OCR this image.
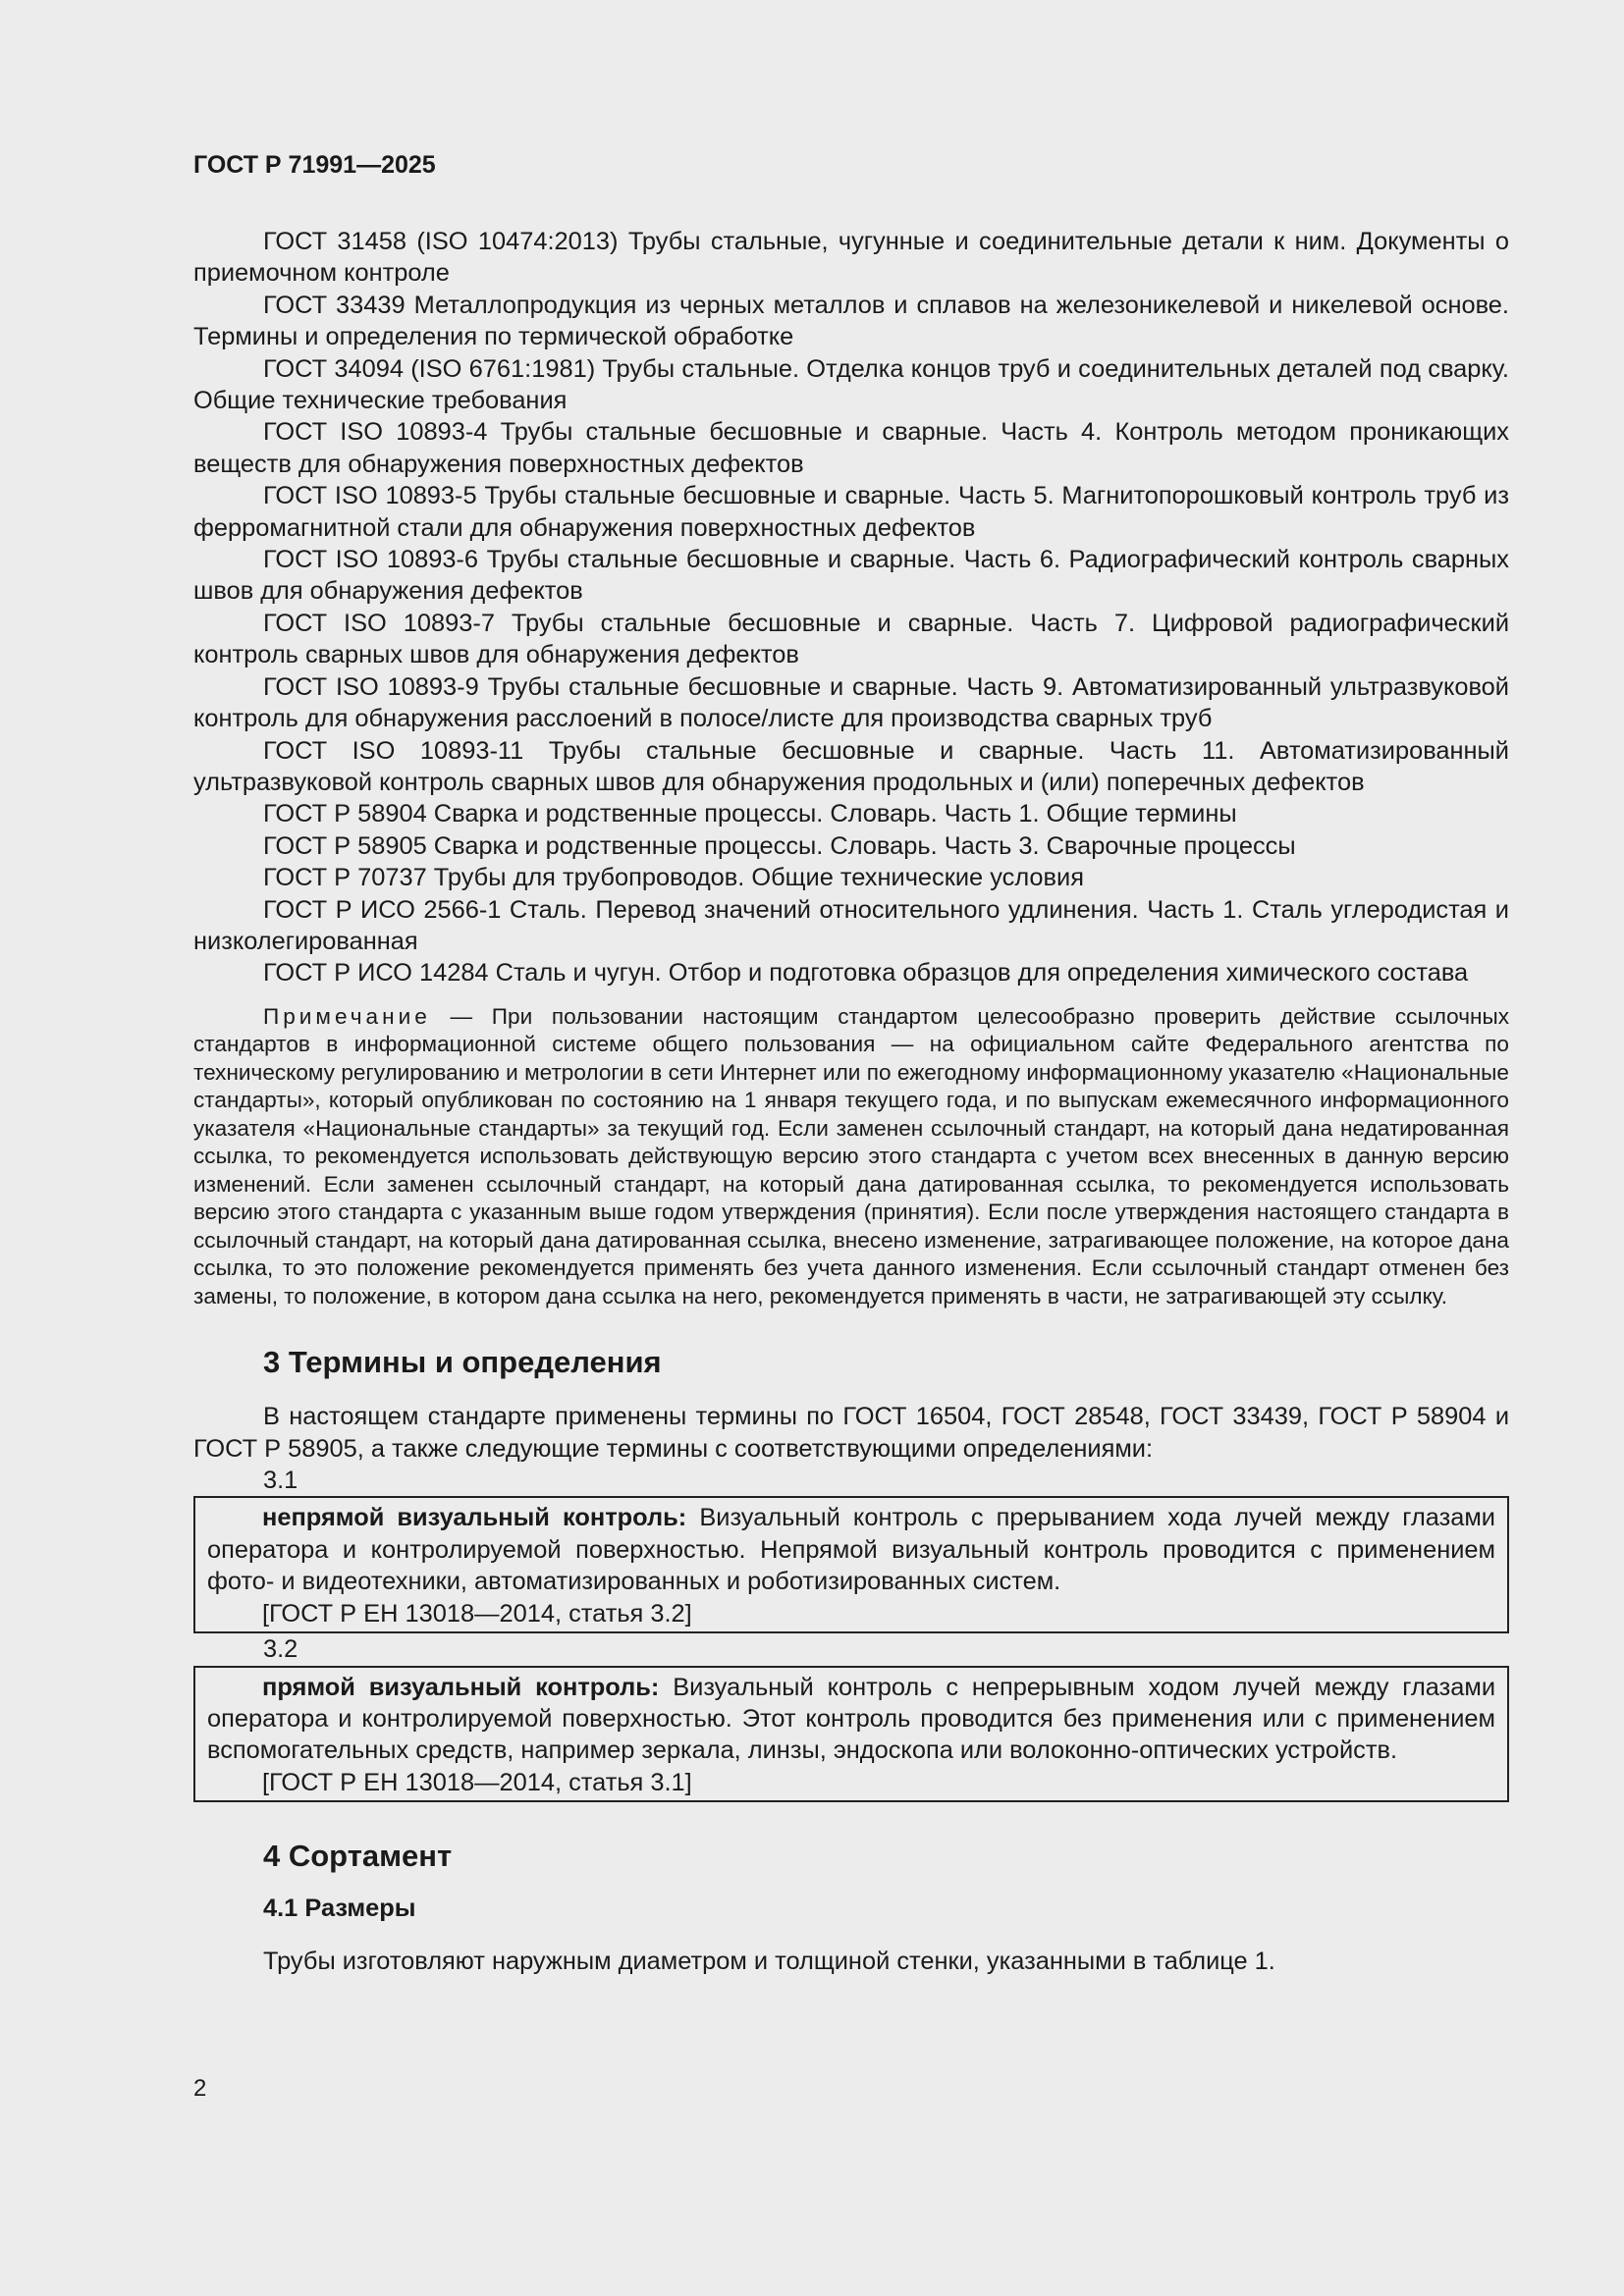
ГОСТ Р 71991—2025

ГОСТ 31458 (ISO 10474:2013) Трубы стальные, чугунные и соединительные детали к ним. Документы о приемочном контроле

ГОСТ 33439 Металлопродукция из черных металлов и сплавов на железоникелевой и никелевой основе. Термины и определения по термической обработке

ГОСТ 34094 (ISO 6761:1981) Трубы стальные. Отделка концов труб и соединительных деталей под сварку. Общие технические требования

ГОСТ ISO 10893-4 Трубы стальные бесшовные и сварные. Часть 4. Контроль методом проникающих веществ для обнаружения поверхностных дефектов

ГОСТ ISO 10893-5 Трубы стальные бесшовные и сварные. Часть 5. Магнитопорошковый контроль труб из ферромагнитной стали для обнаружения поверхностных дефектов

ГОСТ ISO 10893-6 Трубы стальные бесшовные и сварные. Часть 6. Радиографический контроль сварных швов для обнаружения дефектов

ГОСТ ISO 10893-7 Трубы стальные бесшовные и сварные. Часть 7. Цифровой радиографический контроль сварных швов для обнаружения дефектов

ГОСТ ISO 10893-9 Трубы стальные бесшовные и сварные. Часть 9. Автоматизированный ультразвуковой контроль для обнаружения расслоений в полосе/листе для производства сварных труб

ГОСТ ISO 10893-11 Трубы стальные бесшовные и сварные. Часть 11. Автоматизированный ультразвуковой контроль сварных швов для обнаружения продольных и (или) поперечных дефектов

ГОСТ Р 58904 Сварка и родственные процессы. Словарь. Часть 1. Общие термины

ГОСТ Р 58905 Сварка и родственные процессы. Словарь. Часть 3. Сварочные процессы

ГОСТ Р 70737 Трубы для трубопроводов. Общие технические условия

ГОСТ Р ИСО 2566-1 Сталь. Перевод значений относительного удлинения. Часть 1. Сталь углеродистая и низколегированная

ГОСТ Р ИСО 14284 Сталь и чугун. Отбор и подготовка образцов для определения химического состава

Примечание — При пользовании настоящим стандартом целесообразно проверить действие ссылочных стандартов в информационной системе общего пользования — на официальном сайте Федерального агентства по техническому регулированию и метрологии в сети Интернет или по ежегодному информационному указателю «Национальные стандарты», который опубликован по состоянию на 1 января текущего года, и по выпускам ежемесячного информационного указателя «Национальные стандарты» за текущий год. Если заменен ссылочный стандарт, на который дана недатированная ссылка, то рекомендуется использовать действующую версию этого стандарта с учетом всех внесенных в данную версию изменений. Если заменен ссылочный стандарт, на который дана датированная ссылка, то рекомендуется использовать версию этого стандарта с указанным выше годом утверждения (принятия). Если после утверждения настоящего стандарта в ссылочный стандарт, на который дана датированная ссылка, внесено изменение, затрагивающее положение, на которое дана ссылка, то это положение рекомендуется применять без учета данного изменения. Если ссылочный стандарт отменен без замены, то положение, в котором дана ссылка на него, рекомендуется применять в части, не затрагивающей эту ссылку.

3 Термины и определения

В настоящем стандарте применены термины по ГОСТ 16504, ГОСТ 28548, ГОСТ 33439, ГОСТ Р 58904 и ГОСТ Р 58905, а также следующие термины с соответствующими определениями:

3.1

непрямой визуальный контроль: Визуальный контроль с прерыванием хода лучей между глазами оператора и контролируемой поверхностью. Непрямой визуальный контроль проводится с применением фото- и видеотехники, автоматизированных и роботизированных систем.

[ГОСТ Р ЕН 13018—2014, статья 3.2]

3.2

прямой визуальный контроль: Визуальный контроль с непрерывным ходом лучей между глазами оператора и контролируемой поверхностью. Этот контроль проводится без применения или с применением вспомогательных средств, например зеркала, линзы, эндоскопа или волоконно-оптических устройств.

[ГОСТ Р ЕН 13018—2014, статья 3.1]

4 Сортамент
4.1 Размеры

Трубы изготовляют наружным диаметром и толщиной стенки, указанными в таблице 1.

2
